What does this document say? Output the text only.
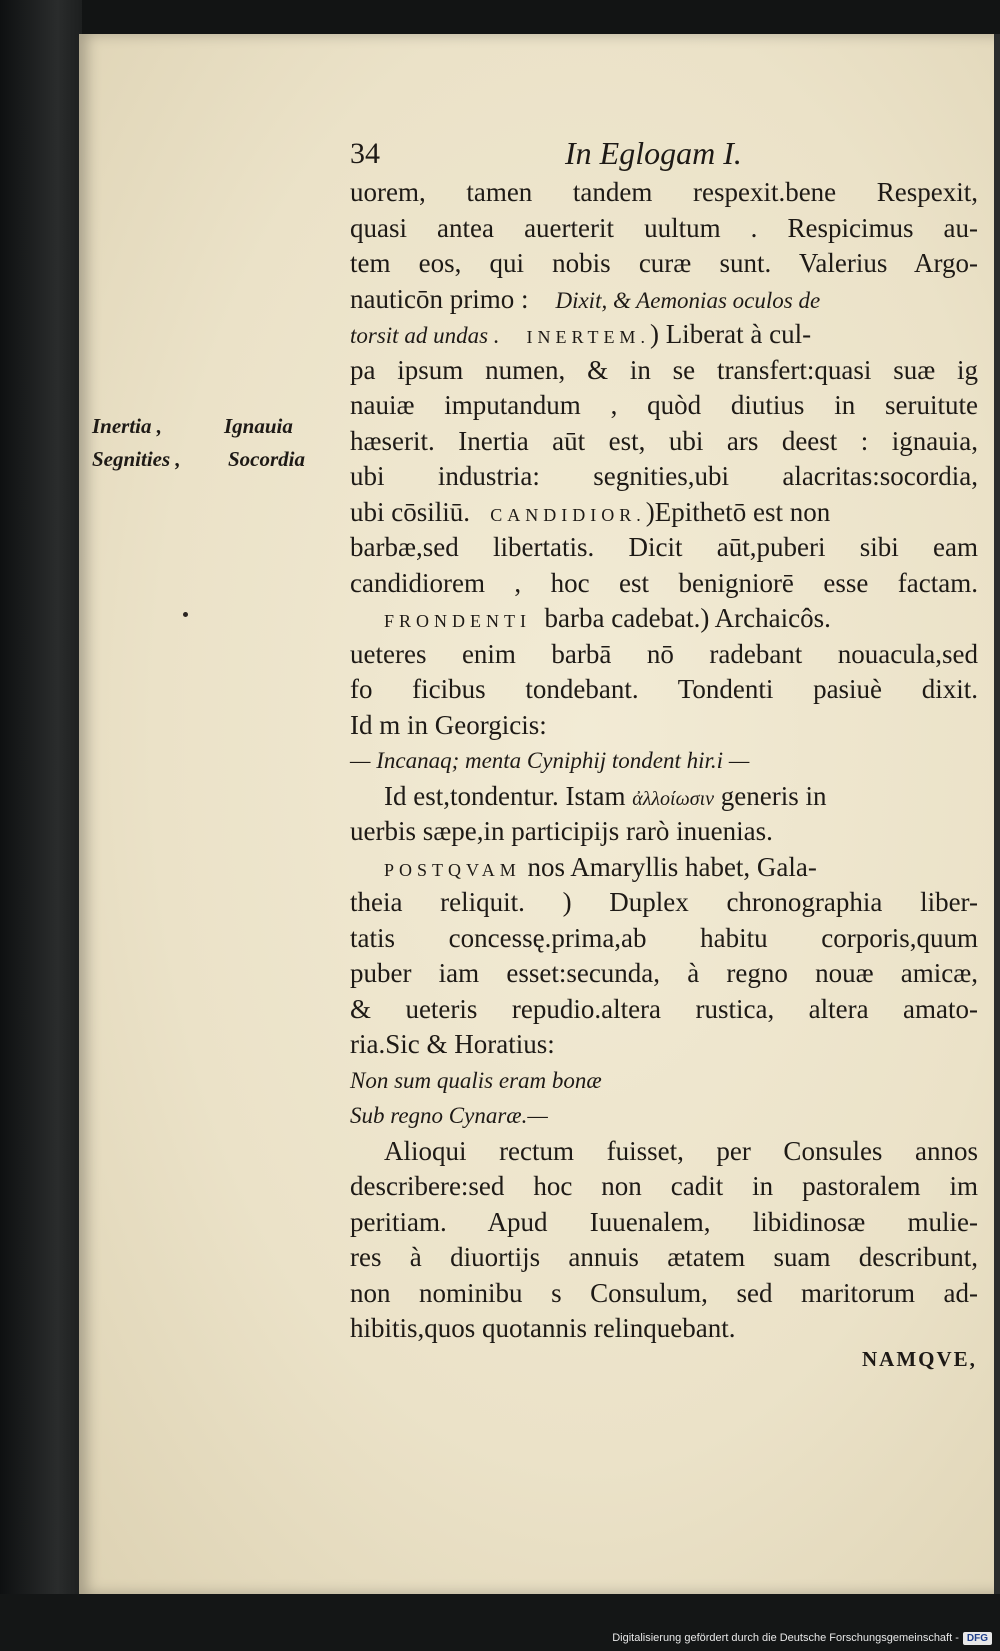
34	In Eglogam I.
Inertia ,	Ignauia
Segnities , Socordia
uorem, tamen tandem respexit.bene Respexit,
quasi antea auerterit uultum . Respicimus au-
tem eos, qui nobis curæ sunt. Valerius Argo-
nauticōn primo : Dixit, & Aemonias oculos de
torsit ad undas . INERTEM.) Liberat à cul-
pa ipsum numen, & in se transfert:quasi suæ ig
nauiæ imputandum , quòd diutius in seruitute
hæserit. Inertia aūt est, ubi ars deest : ignauia,
ubi industria: segnities,ubi alacritas:socordia,
ubi cōsiliū. CANDIDIOR.)Epithetō est non
barbæ,sed libertatis. Dicit aūt,puberi sibi eam
candidiorem , hoc est benigniorē esse factam.
FRONDENTI barba cadebat.) Archaicôs.
ueteres enim barbā nō radebant nouacula,sed
fo ficibus tondebant. Tondenti pasiuè dixit.
Id m in Georgicis:
— Incanaq; menta Cyniphij tondent hir.i —
Id est,tondentur. Istam ἀλλοίωσιν generis in
uerbis sæpe,in participijs rarò inuenias.
POSTQVAM nos Amaryllis habet, Gala-
theia reliquit. ) Duplex chronographia liber-
tatis concessę.prima,ab habitu corporis,quum
puber iam esset:secunda, à regno nouæ amicæ,
& ueteris repudio.altera rustica, altera amato-
ria.Sic & Horatius:
Non sum qualis eram bonæ
Sub regno Cynaræ.—
Alioqui rectum fuisset, per Consules annos
describere:sed hoc non cadit in pastoralem im
peritiam. Apud Iuuenalem, libidinosæ mulie-
res à diuortijs annuis ætatem suam describunt,
non nominibu s Consulum, sed maritorum ad-
hibitis,quos quotannis relinquebant.
NAMQVE,
Digitalisierung gefördert durch die Deutsche Forschungsgemeinschaft - DFG
